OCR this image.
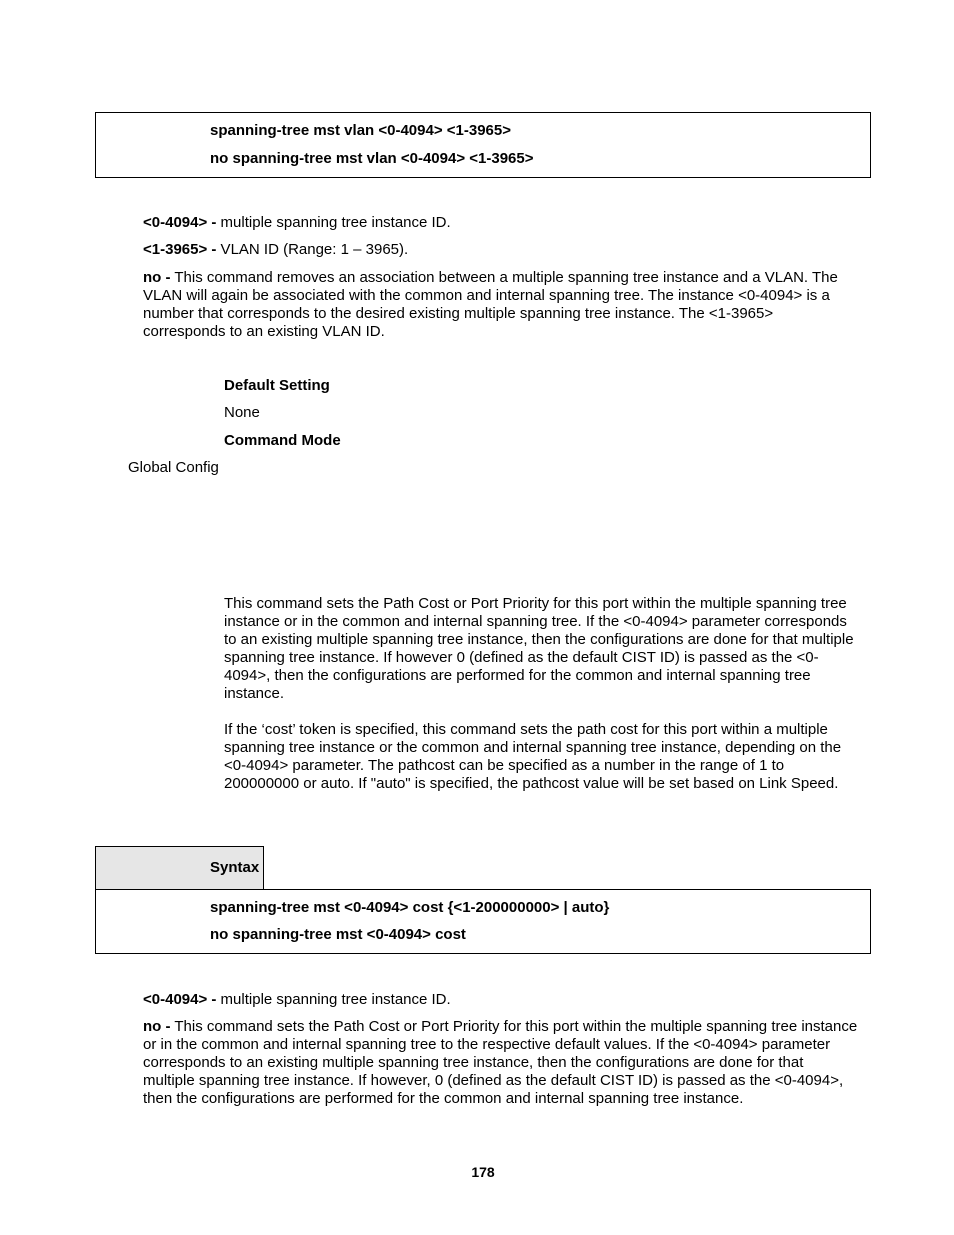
spanning-tree mst vlan <0-4094> <1-3965>
no spanning-tree mst vlan <0-4094> <1-3965>
<0-4094> - multiple spanning tree instance ID.
<1-3965> - VLAN ID (Range: 1 – 3965).
no - This command removes an association between a multiple spanning tree instance and a VLAN. The VLAN will again be associated with the common and internal spanning tree. The instance <0-4094> is a number that corresponds to the desired existing multiple spanning tree instance. The <1-3965> corresponds to an existing VLAN ID.
Default Setting
None
Command Mode
Global Config

This command sets the Path Cost or Port Priority for this port within the multiple spanning tree instance or in the common and internal spanning tree. If the <0-4094> parameter corresponds to an existing multiple spanning tree instance, then the configurations are done for that multiple spanning tree instance. If however 0 (defined as the default CIST ID) is passed as the <0-4094>, then the configurations are performed for the common and internal spanning tree instance.

If the ‘cost’ token is specified, this command sets the path cost for this port within a multiple spanning tree instance or the common and internal spanning tree instance, depending on the <0-4094> parameter. The pathcost can be specified as a number in the range of 1 to 200000000 or auto. If "auto" is specified, the pathcost value will be set based on Link Speed.

Syntax
spanning-tree mst <0-4094> cost {<1-200000000> | auto}
no spanning-tree mst <0-4094> cost
<0-4094> - multiple spanning tree instance ID.
no - This command sets the Path Cost or Port Priority for this port within the multiple spanning tree instance or in the common and internal spanning tree to the respective default values. If the <0-4094> parameter corresponds to an existing multiple spanning tree instance, then the configurations are done for that multiple spanning tree instance. If however, 0 (defined as the default CIST ID) is passed as the <0-4094>, then the configurations are performed for the common and internal spanning tree instance.
178
